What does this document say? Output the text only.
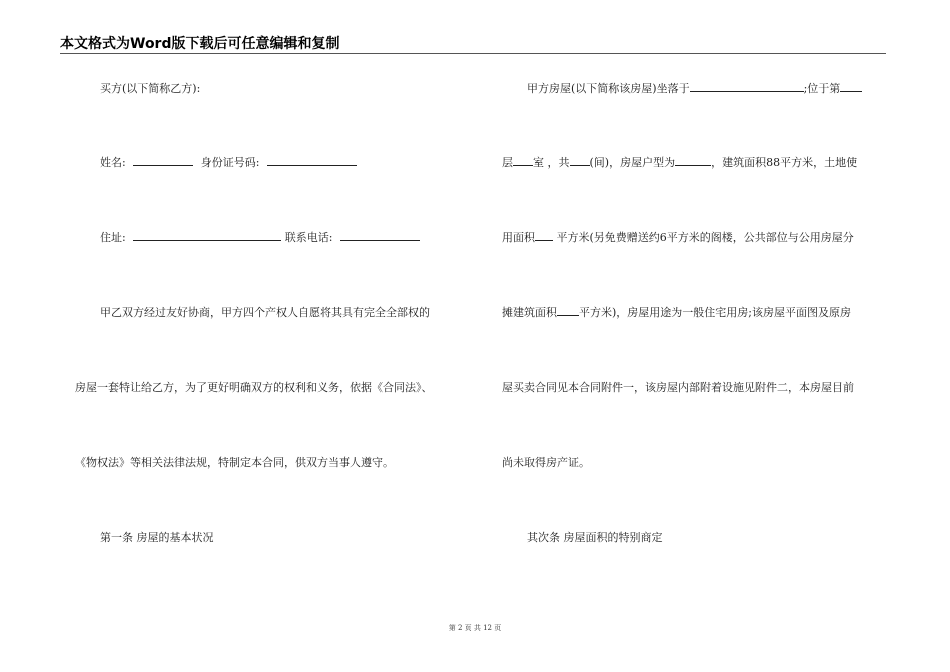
本文格式为Word版下载后可任意编辑和复制
买方(以下简称乙方):
姓名:	身份证号码:
住址:	联系电话:
甲乙双方经过友好协商，甲方四个产权人自愿将其具有完全全部权的
房屋一套特让给乙方，为了更好明确双方的权利和义务，依据《合同法》、
《物权法》等相关法律法规，特制定本合同，供双方当事人遵守。
第一条 房屋的基本状况
甲方房屋(以下简称该房屋)坐落于	;位于第
层 室 ，共 (间)，房屋户型为	，建筑面积88平方米，土地使
用面积 平方米(另免费赠送约6平方米的阁楼，公共部位与公用房屋分
摊建筑面积 平方米)，房屋用途为一般住宅用房;该房屋平面图及原房
屋买卖合同见本合同附件一，该房屋内部附着设施见附件二，本房屋目前
尚未取得房产证。
其次条 房屋面积的特别商定
第 2 页 共 12 页
